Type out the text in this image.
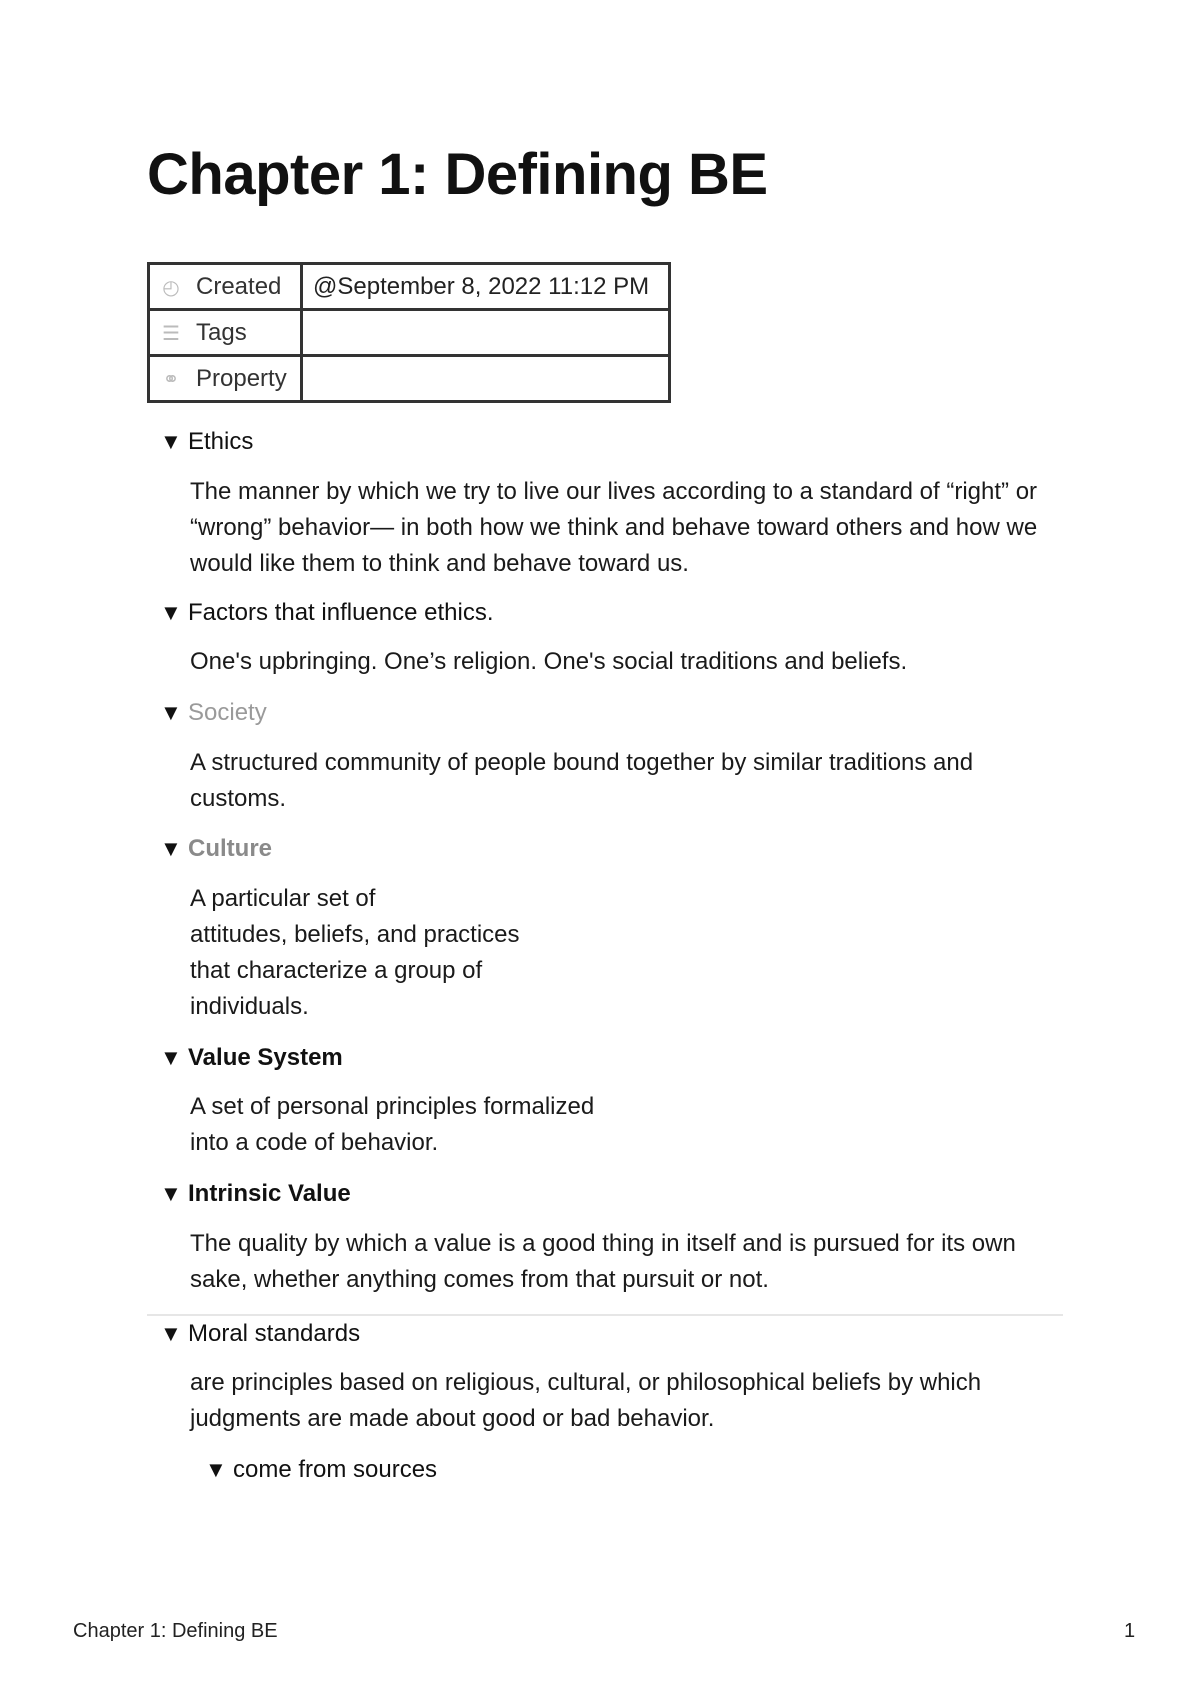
Chapter 1: Defining BE
◴ Created	@September 8, 2022 11:12 PM
☰ Tags	
⚭ Property	
▼ Ethics

The manner by which we try to live our lives according to a standard of “right” or
“wrong” behavior— in both how we think and behave toward others and how we
would like them to think and behave toward us.

▼ Factors that influence ethics.

One's upbringing. One’s religion. One's social traditions and beliefs.

▼ Society

A structured community of people bound together by similar traditions and
customs.

▼ Culture

A particular set of
attitudes, beliefs, and practices
that characterize a group of
individuals.

▼ Value System

A set of personal principles formalized
into a code of behavior.

▼ Intrinsic Value

The quality by which a value is a good thing in itself and is pursued for its own
sake, whether anything comes from that pursuit or not.

▼ Moral standards

are principles based on religious, cultural, or philosophical beliefs by which
judgments are made about good or bad behavior.

▼ come from sources
Chapter 1: Defining BE	1
